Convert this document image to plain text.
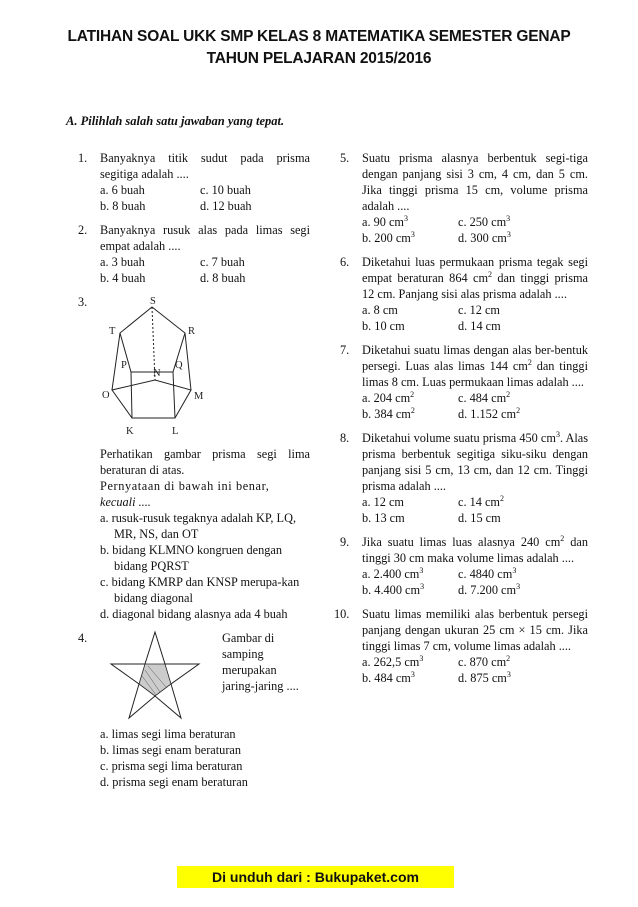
LATIHAN SOAL UKK SMP KELAS 8 MATEMATIKA SEMESTER GENAP
TAHUN PELAJARAN 2015/2016
A. Pilihlah salah satu jawaban yang tepat.
1. Banyaknya titik sudut pada prisma segitiga adalah ....
a. 6 buah	c. 10 buah
b. 8 buah	d. 12 buah
2. Banyaknya rusuk alas pada limas segi empat adalah ....
a. 3 buah	c. 7 buah
b. 4 buah	d. 8 buah
3.	S
T	R
P	Q
N
O	M
K	L
Perhatikan gambar prisma segi lima beraturan di atas.
Pernyataan di bawah ini benar,
kecuali ....
a. rusuk-rusuk tegaknya adalah KP, LQ, MR, NS, dan OT
b. bidang KLMNO kongruen dengan bidang PQRST
c. bidang KMRP dan KNSP merupa-kan bidang diagonal
d. diagonal bidang alasnya ada 4 buah
4.	Gambar di samping merupakan jaring-jaring ....
a. limas segi lima beraturan
b. limas segi enam beraturan
c. prisma segi lima beraturan
d. prisma segi enam beraturan
5. Suatu prisma alasnya berbentuk segi-tiga dengan panjang sisi 3 cm, 4 cm, dan 5 cm. Jika tinggi prisma 15 cm, volume prisma adalah ....
a. 90 $cm^3$	c. 250 $cm^3$
b. 200 $cm^3$	d. 300 $cm^3$
6. Diketahui luas permukaan prisma tegak segi empat beraturan 864 $cm^2$ dan tinggi prisma 12 cm. Panjang sisi alas prisma adalah ....
a. 8 cm	c. 12 cm
b. 10 cm	d. 14 cm
7. Diketahui suatu limas dengan alas ber-bentuk persegi. Luas alas limas 144 $cm^2$ dan tinggi limas 8 cm. Luas permukaan limas adalah ....
a. 204 $cm^2$	c. 484 $cm^2$
b. 384 $cm^2$	d. 1.152 $cm^2$
8. Diketahui volume suatu prisma 450 $cm^3$. Alas prisma berbentuk segitiga siku-siku dengan panjang sisi 5 cm, 13 cm, dan 12 cm. Tinggi prisma adalah ....
a. 12 cm	c. 14 $cm^2$
b. 13 cm	d. 15 cm
9. Jika suatu limas luas alasnya 240 $cm^2$ dan tinggi 30 cm maka volume limas adalah ....
a. 2.400 $cm^3$	c. 4840 $cm^3$
b. 4.400 $cm^3$	d. 7.200 $cm^3$
10. Suatu limas memiliki alas berbentuk persegi panjang dengan ukuran 25 cm × 15 cm. Jika tinggi limas 7 cm, volume limas adalah ....
a. 262,5 $cm^3$	c. 870 $cm^2$
b. 484 $cm^3$	d. 875 $cm^3$
Di unduh dari : Bukupaket.com
